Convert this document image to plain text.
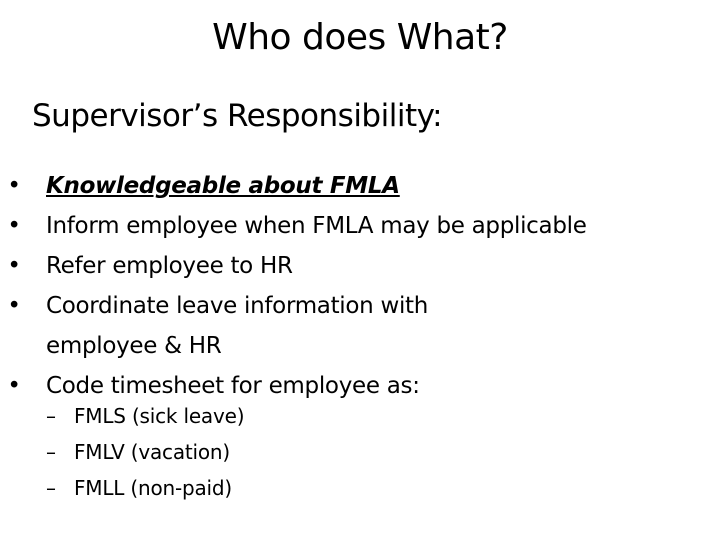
Who does What?
Supervisor’s Responsibility:
• Knowledgeable about FMLA
• Inform employee when FMLA may be applicable
• Refer employee to HR
• Coordinate leave information with
employee & HR
• Code timesheet for employee as:
– FMLS (sick leave)
– FMLV (vacation)
– FMLL (non-paid)
